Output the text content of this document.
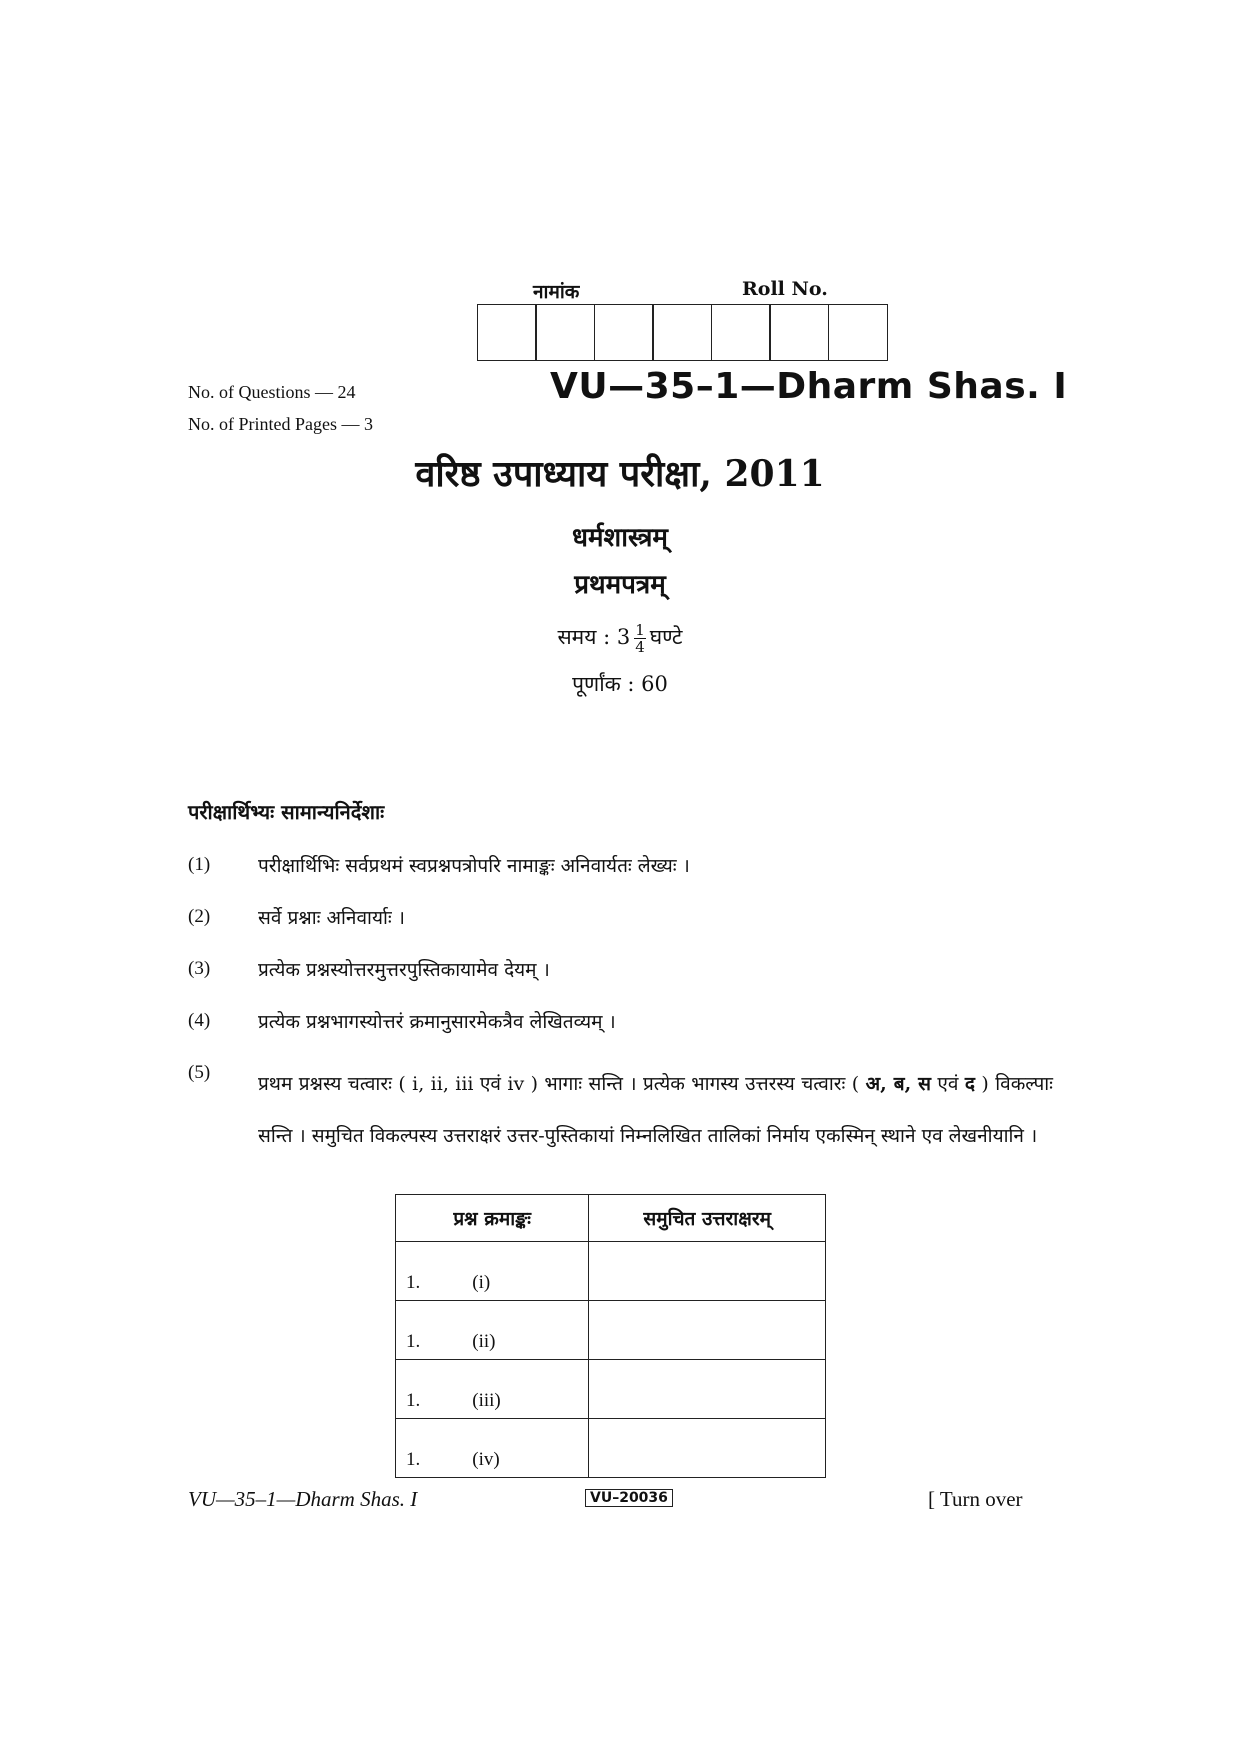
नामांक	Roll No.
VU—35–1—Dharm Shas. I
No. of Questions — 24
No. of Printed Pages — 3
वरिष्ठ उपाध्याय परीक्षा, 2011
धर्मशास्त्रम्
प्रथमपत्रम्
समय : $3 \frac{1}{4}$ घण्टे
पूर्णांक : 60
परीक्षार्थिभ्यः सामान्यनिर्देशाः
(1)	परीक्षार्थिभिः सर्वप्रथमं स्वप्रश्नपत्रोपरि नामाङ्कः अनिवार्यतः लेख्यः ।
(2)	सर्वे प्रश्नाः अनिवार्याः ।
(3)	प्रत्येक प्रश्नस्योत्तरमुत्तरपुस्तिकायामेव देयम् ।
(4)	प्रत्येक प्रश्नभागस्योत्तरं क्रमानुसारमेकत्रैव लेखितव्यम् ।
(5)
प्रथम प्रश्नस्य चत्वारः ( i, ii, iii एवं iv ) भागाः सन्ति । प्रत्येक भागस्य उत्तरस्य चत्वारः ( अ, ब, स एवं द ) विकल्पाः सन्ति । समुचित विकल्पस्य उत्तराक्षरं उत्तर-पुस्तिकायां निम्नलिखित तालिकां निर्माय एकस्मिन् स्थाने एव लेखनीयानि ।
प्रश्न क्रमाङ्कः	समुचित उत्तराक्षरम्
1. (i)	
1. (ii)	
1. (iii)	
1. (iv)	
VU—35–1—Dharm Shas. I	VU–20036	[ Turn over
